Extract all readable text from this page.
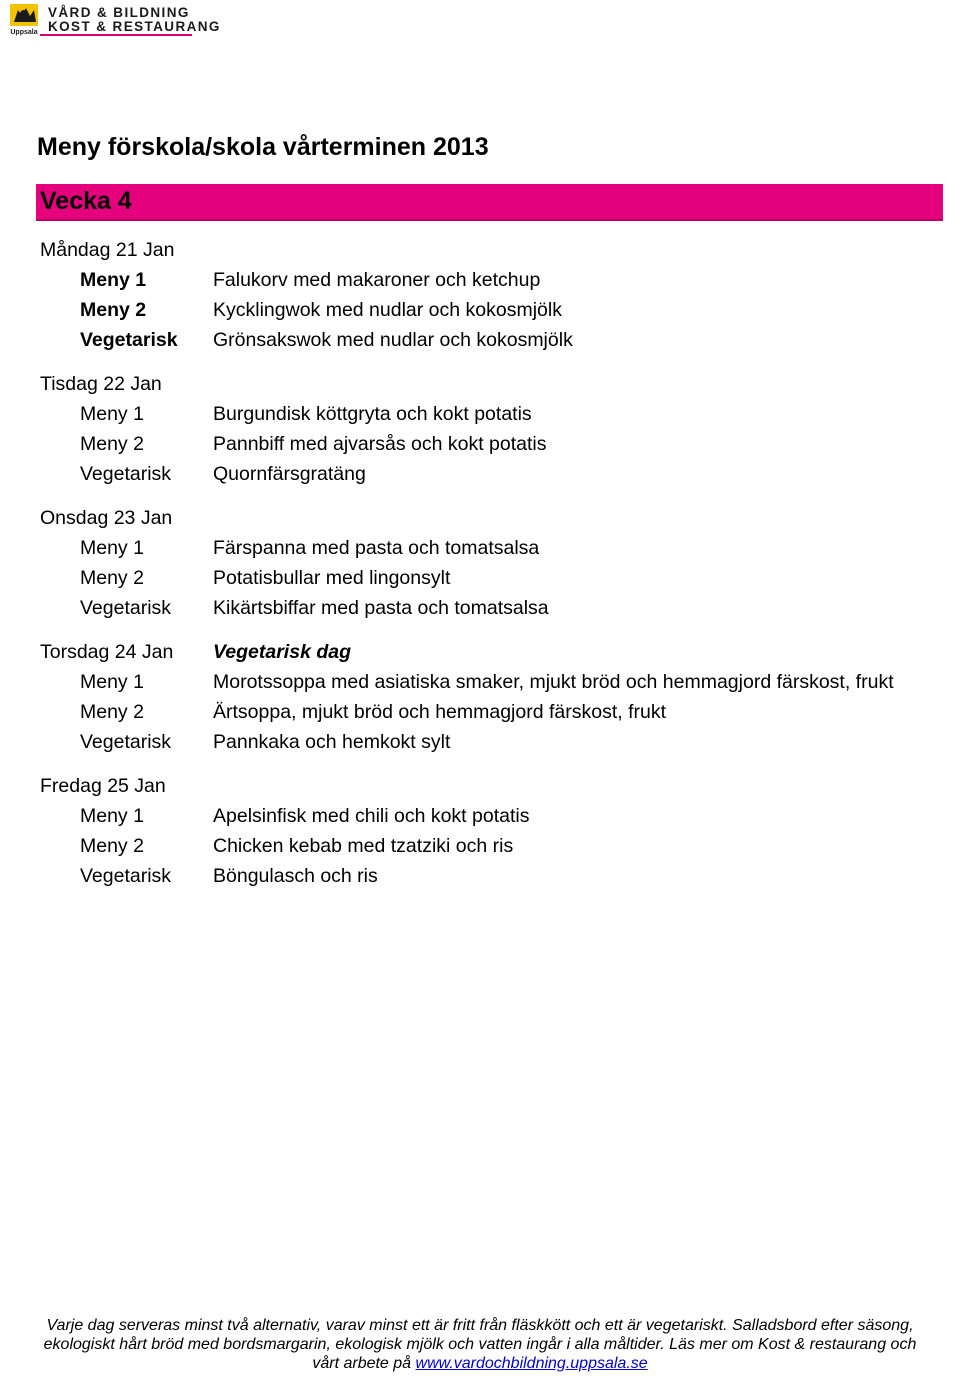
Uppsala
VÅRD & BILDNING
KOST & RESTAURANG
Meny förskola/skola vårterminen 2013
Vecka 4
Måndag 21 Jan
Meny 1	Falukorv med makaroner och ketchup
Meny 2	Kycklingwok med nudlar och kokosmjölk
Vegetarisk Grönsakswok med nudlar och kokosmjölk
Tisdag 22 Jan
Meny 1	Burgundisk köttgryta och kokt potatis
Meny 2	Pannbiff med ajvarsås och kokt potatis
Vegetarisk Quornfärsgratäng
Onsdag 23 Jan
Meny 1	Färspanna med pasta och tomatsalsa
Meny 2	Potatisbullar med lingonsylt
Vegetarisk Kikärtsbiffar med pasta och tomatsalsa
Torsdag 24 Jan Vegetarisk dag
Meny 1	Morotssoppa med asiatiska smaker, mjukt bröd och hemmagjord färskost, frukt
Meny 2	Ärtsoppa, mjukt bröd och hemmagjord färskost, frukt
Vegetarisk Pannkaka och hemkokt sylt
Fredag 25 Jan
Meny 1	Apelsinfisk med chili och kokt potatis
Meny 2	Chicken kebab med tzatziki och ris
Vegetarisk Böngulasch och ris
Varje dag serveras minst två alternativ, varav minst ett är fritt från fläskkött och ett är vegetariskt. Salladsbord efter säsong,
ekologiskt hårt bröd med bordsmargarin, ekologisk mjölk och vatten ingår i alla måltider. Läs mer om Kost & restaurang och
vårt arbete på www.vardochbildning.uppsala.se
